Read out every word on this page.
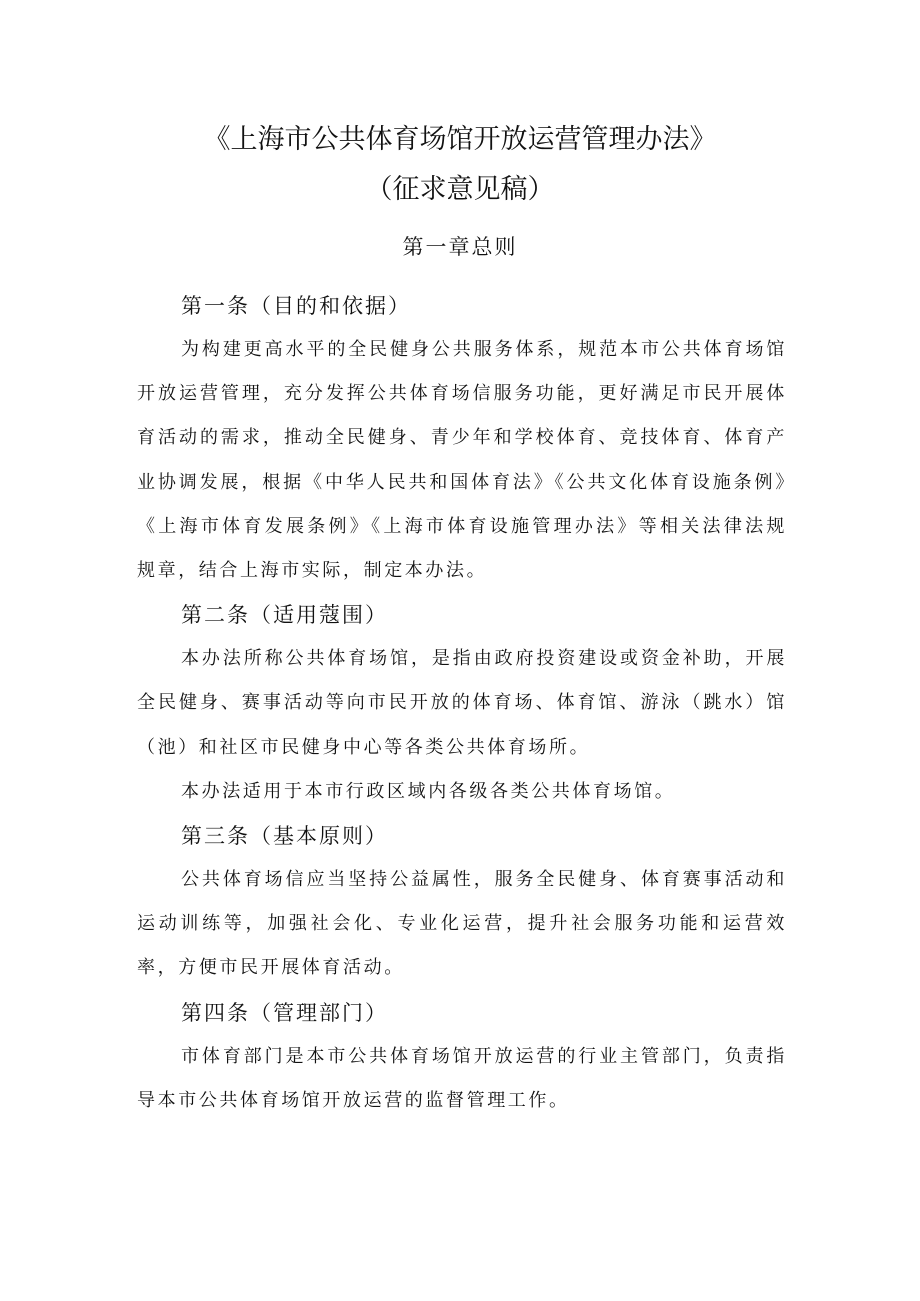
《上海市公共体育场馆开放运营管理办法》
（征求意见稿）
第一章总则
第一条（目的和依据）

为构建更高水平的全民健身公共服务体系，规范本市公共体育场馆开放运营管理，充分发挥公共体育场信服务功能，更好满足市民开展体育活动的需求，推动全民健身、青少年和学校体育、竞技体育、体育产业协调发展，根据《中华人民共和国体育法》《公共文化体育设施条例》《上海市体育发展条例》《上海市体育设施管理办法》等相关法律法规规章，结合上海市实际，制定本办法。

第二条（适用蔻围）

本办法所称公共体育场馆，是指由政府投资建设或资金补助，开展全民健身、赛事活动等向市民开放的体育场、体育馆、游泳（跳水）馆（池）和社区市民健身中心等各类公共体育场所。

本办法适用于本市行政区域内各级各类公共体育场馆。

第三条（基本原则）

公共体育场信应当坚持公益属性，服务全民健身、体育赛事活动和运动训练等，加强社会化、专业化运营，提升社会服务功能和运营效率，方便市民开展体育活动。

第四条（管理部门）

市体育部门是本市公共体育场馆开放运营的行业主管部门，负责指导本市公共体育场馆开放运营的监督管理工作。
